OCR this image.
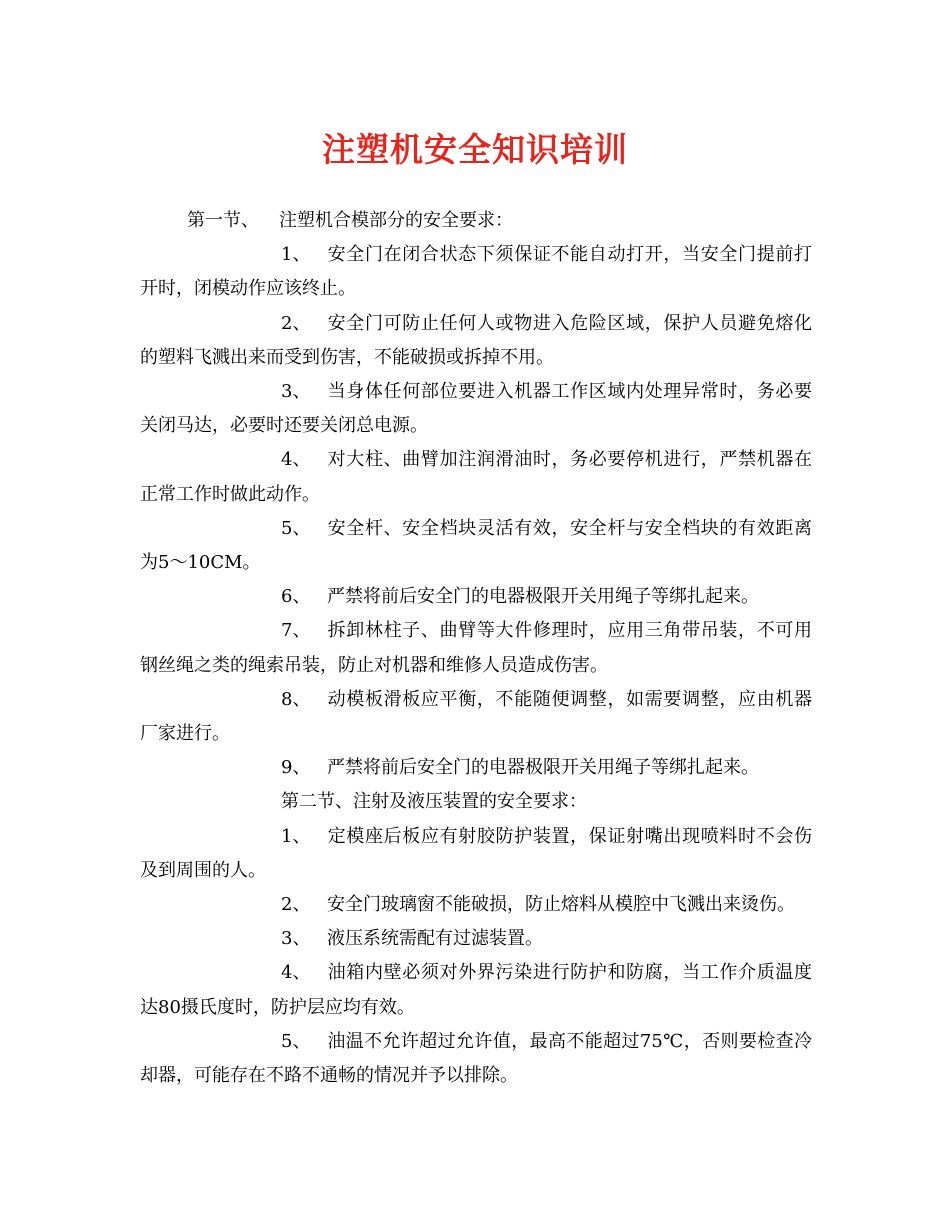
注塑机安全知识培训

第一节、 注塑机合模部分的安全要求：

1、 安全门在闭合状态下须保证不能自动打开，当安全门提前打开时，闭模动作应该终止。

2、 安全门可防止任何人或物进入危险区域，保护人员避免熔化的塑料飞溅出来而受到伤害，不能破损或拆掉不用。

3、 当身体任何部位要进入机器工作区域内处理异常时，务必要关闭马达，必要时还要关闭总电源。

4、 对大柱、曲臂加注润滑油时，务必要停机进行，严禁机器在正常工作时做此动作。

5、 安全杆、安全档块灵活有效，安全杆与安全档块的有效距离为5～10CM。

6、 严禁将前后安全门的电器极限开关用绳子等绑扎起来。

7、 拆卸林柱子、曲臂等大件修理时，应用三角带吊装，不可用钢丝绳之类的绳索吊装，防止对机器和维修人员造成伤害。

8、 动模板滑板应平衡，不能随便调整，如需要调整，应由机器厂家进行。

9、 严禁将前后安全门的电器极限开关用绳子等绑扎起来。

第二节、注射及液压装置的安全要求：

1、 定模座后板应有射胶防护装置，保证射嘴出现喷料时不会伤及到周围的人。

2、 安全门玻璃窗不能破损，防止熔料从模腔中飞溅出来烫伤。

3、 液压系统需配有过滤装置。

4、 油箱内壁必须对外界污染进行防护和防腐，当工作介质温度达80摄氏度时，防护层应均有效。

5、 油温不允许超过允许值，最高不能超过75℃，否则要检查冷却器，可能存在不路不通畅的情况并予以排除。
